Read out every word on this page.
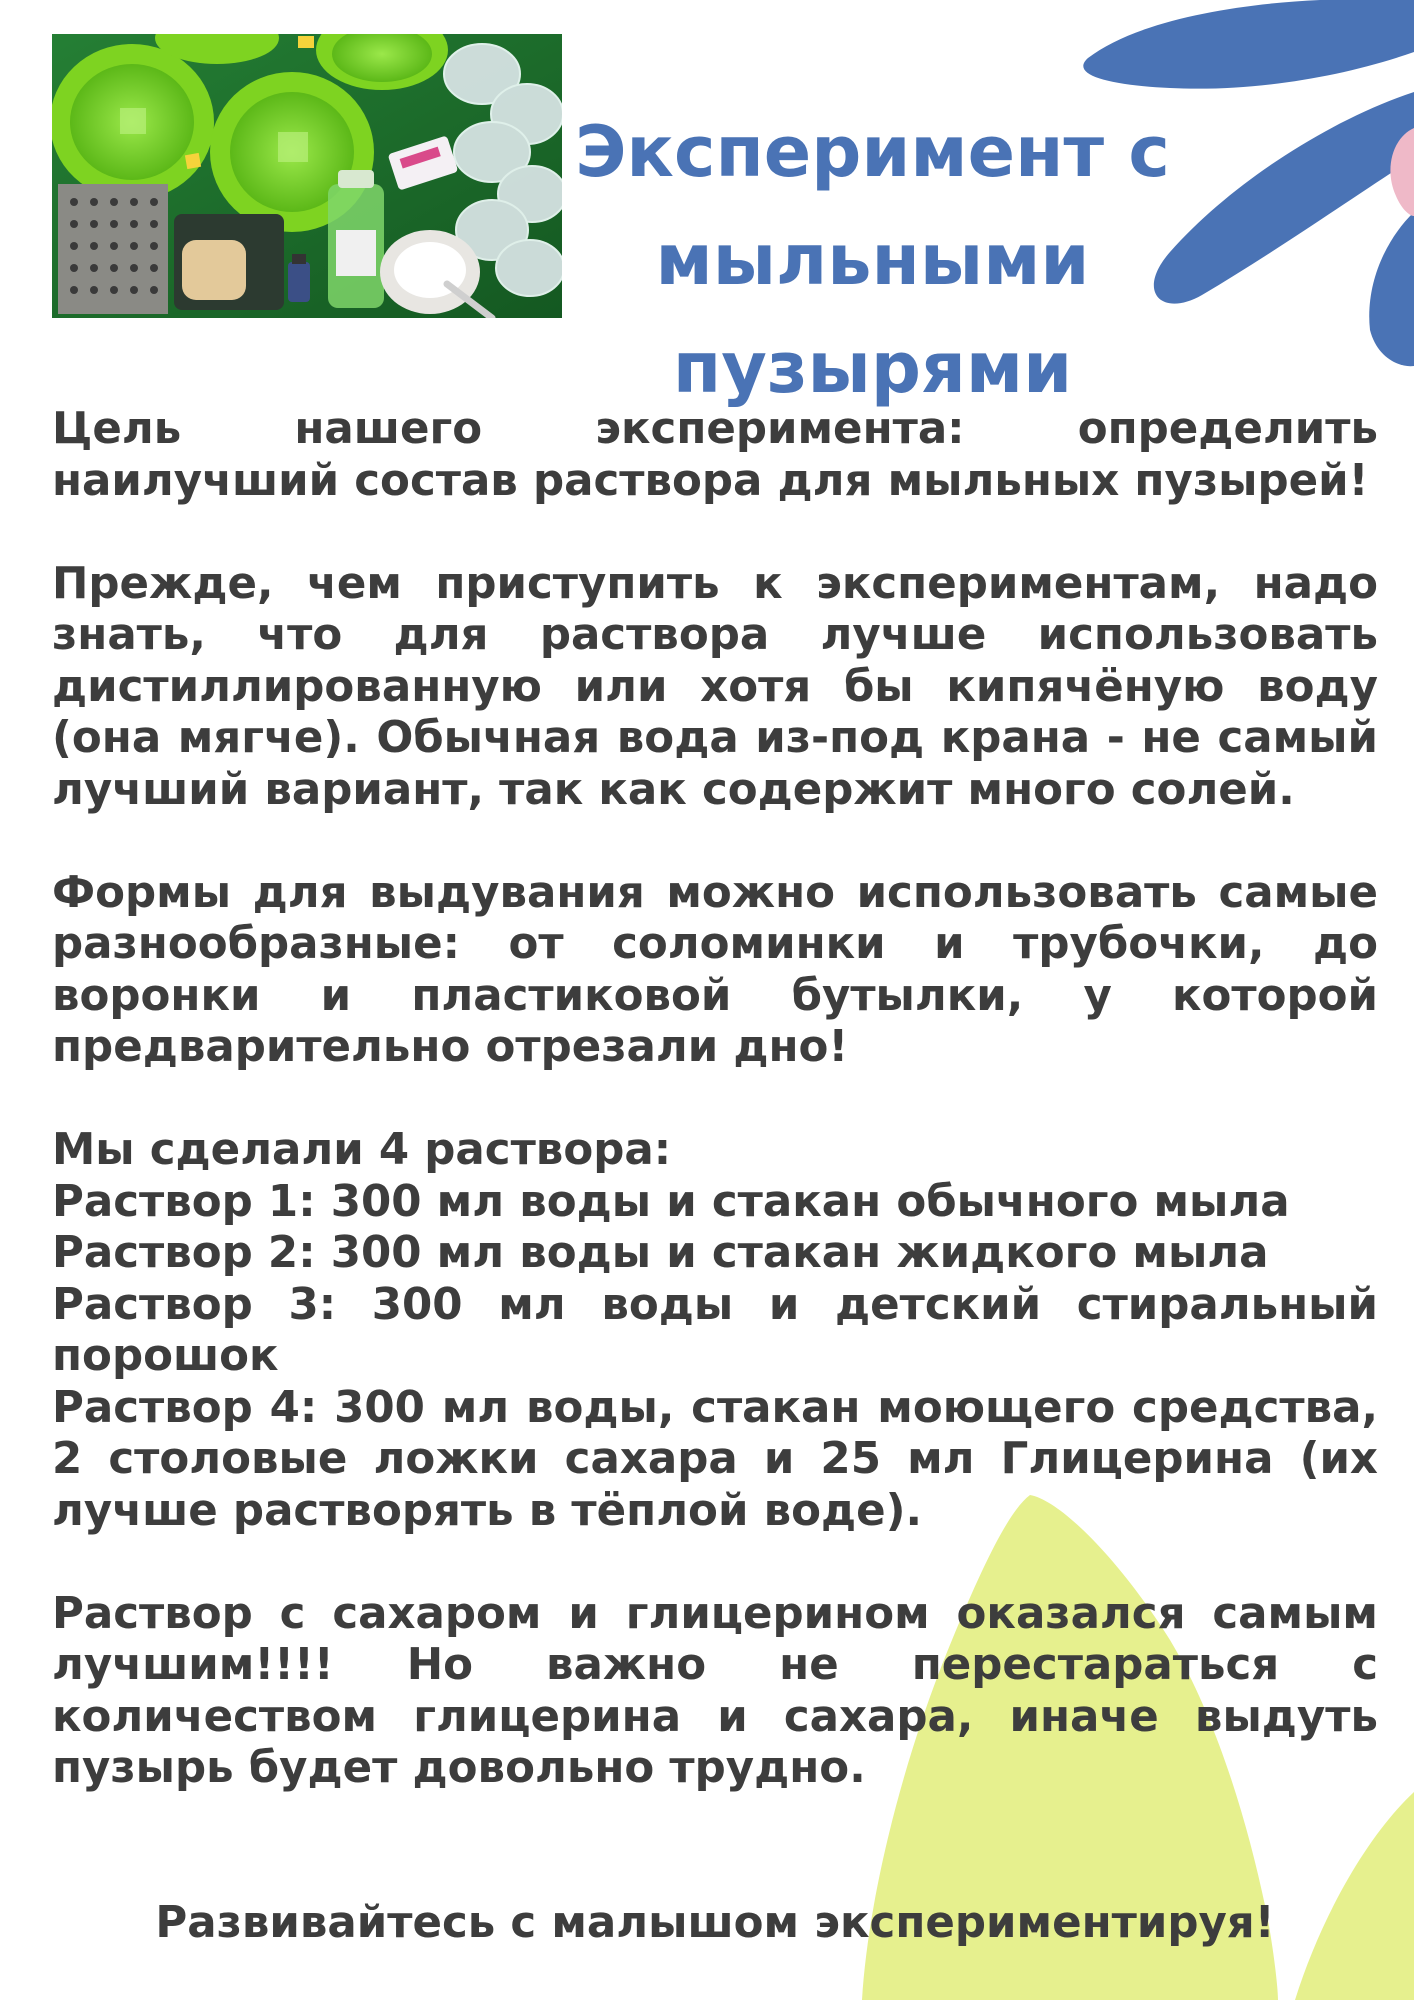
Эксперимент с
мыльными
пузырями

Цель нашего эксперимента: определить наилучший состав раствора для мыльных пузырей!

Прежде, чем приступить к экспериментам, надо знать, что для раствора лучше использовать дистиллированную или хотя бы кипячёную воду (она мягче). Обычная вода из-под крана - не самый лучший вариант, так как содержит много солей.

Формы для выдувания можно использовать самые разнообразные: от соломинки и трубочки, до воронки и пластиковой бутылки, у которой предварительно отрезали дно!

Мы сделали 4 раствора:
Раствор 1: 300 мл воды и стакан обычного мыла
Раствор 2: 300 мл воды и стакан жидкого мыла

Раствор 3: 300 мл воды и детский стиральный порошок

Раствор 4: 300 мл воды, стакан моющего средства, 2 столовые ложки сахара и 25 мл Глицерина (их лучше растворять в тёплой воде).

Раствор с сахаром и глицерином оказался самым лучшим!!!! Но важно не перестараться с количеством глицерина и сахара, иначе выдуть пузырь будет довольно трудно.

Развивайтесь с малышом экспериментируя!
